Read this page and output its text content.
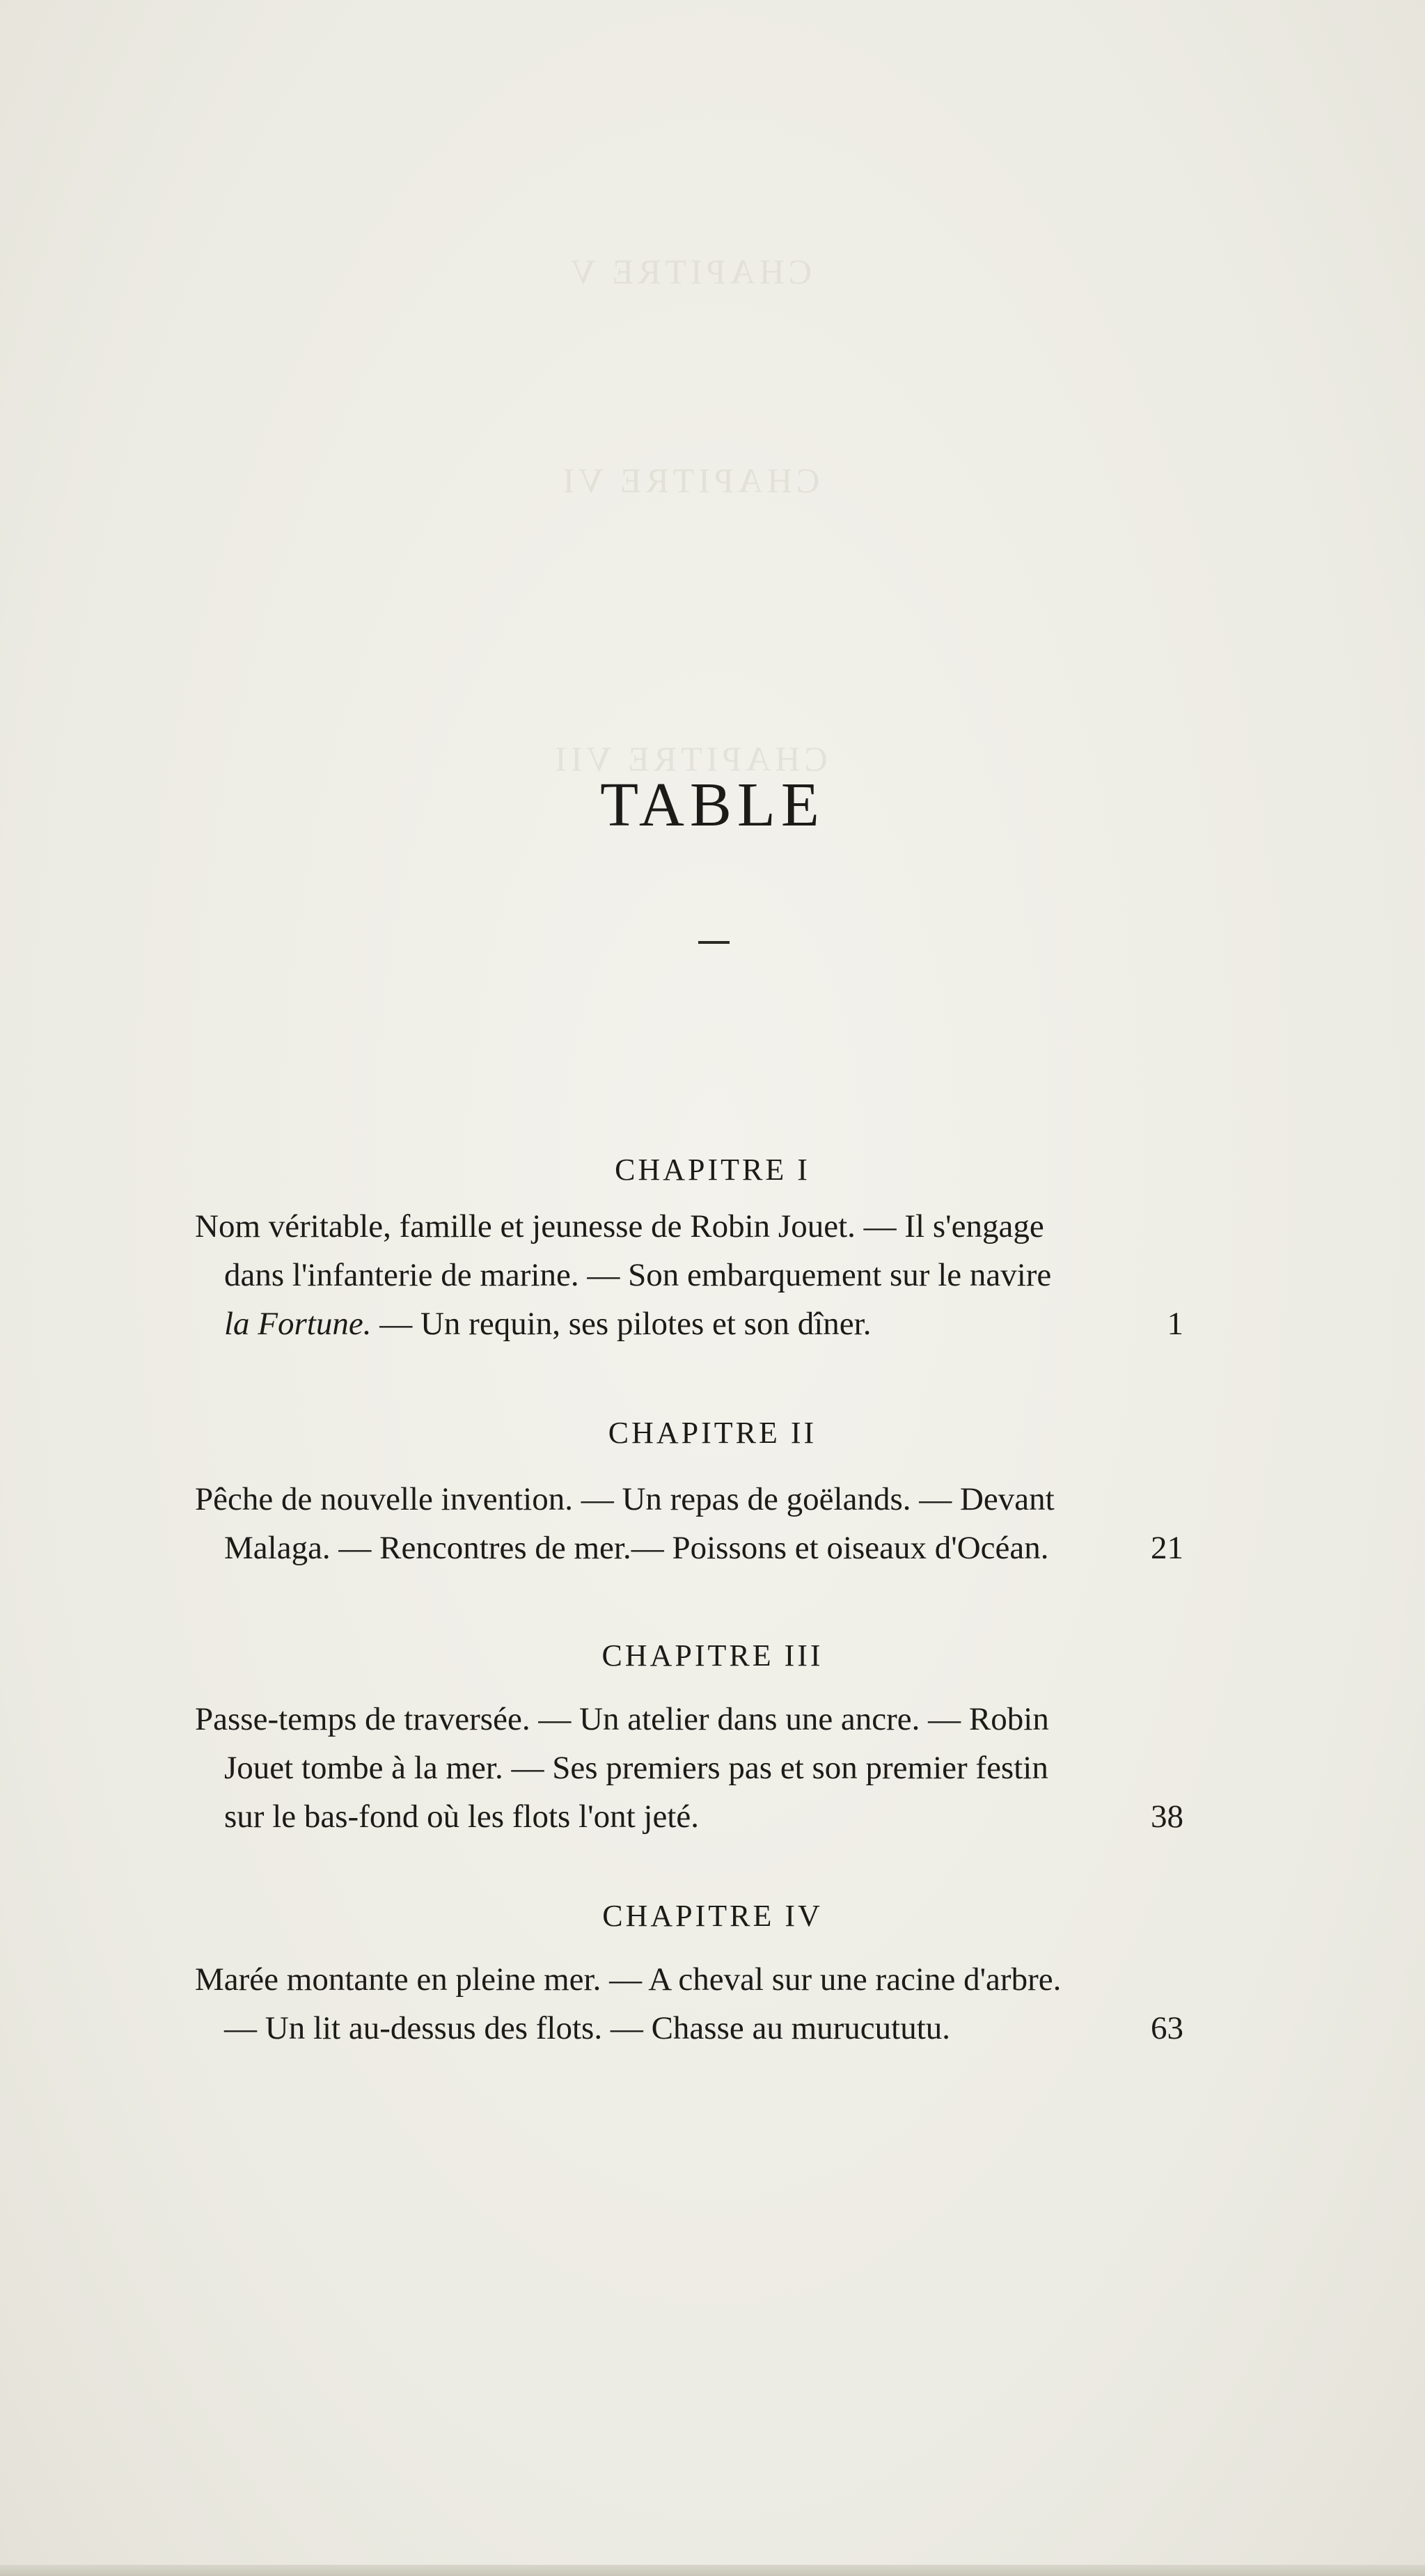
CHAPITRE V

CHAPITRE VI

CHAPITRE VII
TABLE
CHAPITRE I
Nom véritable, famille et jeunesse de Robin Jouet. — Il s'engage
dans l'infanterie de marine. — Son embarquement sur le navire
la Fortune. — Un requin, ses pilotes et son dîner.	1
CHAPITRE II
Pêche de nouvelle invention. — Un repas de goëlands. — Devant
Malaga. — Rencontres de mer.— Poissons et oiseaux d'Océan.	21
CHAPITRE III
Passe-temps de traversée. — Un atelier dans une ancre. — Robin
Jouet tombe à la mer. — Ses premiers pas et son premier festin
sur le bas-fond où les flots l'ont jeté.	38
CHAPITRE IV
Marée montante en pleine mer. — A cheval sur une racine d'arbre.
— Un lit au-dessus des flots. — Chasse au murucututu.	63
